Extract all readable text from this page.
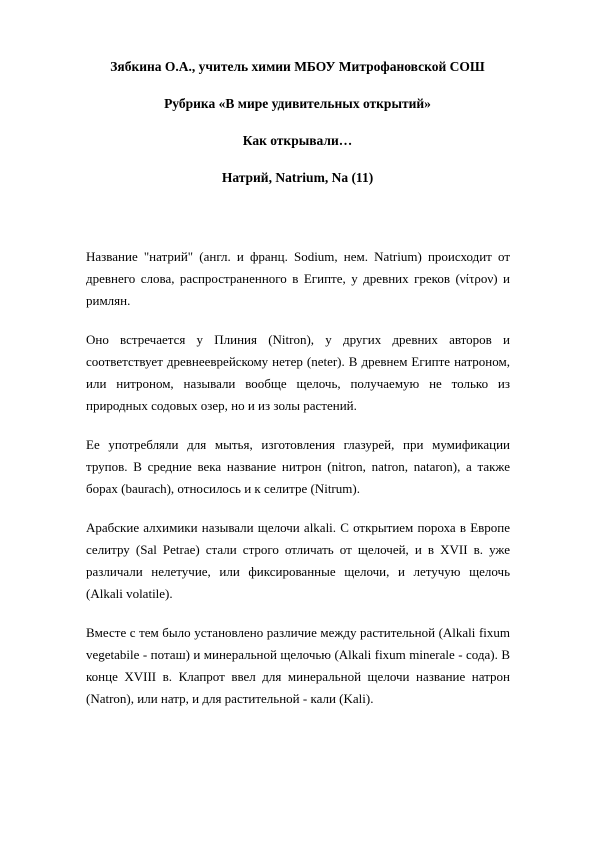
Зябкина О.А., учитель химии МБОУ Митрофановской СОШ
Рубрика «В мире удивительных открытий»
Как открывали…
Натрий, Natrium, Na (11)

Название "натрий" (англ. и франц. Sodium, нем. Natrium) происходит от древнего слова, распространенного в Египте, у древних греков (νίτρον) и римлян.

Оно встречается у Плиния (Nitron), у других древних авторов и соответствует древнееврейскому нетер (neter). В древнем Египте натроном, или нитроном, называли вообще щелочь, получаемую не только из природных содовых озер, но и из золы растений.

Ее употребляли для мытья, изготовления глазурей, при мумификации трупов. В средние века название нитрон (nitron, natron, nataron), а также борах (baurach), относилось и к селитре (Nitrum).

Арабские алхимики называли щелочи alkali. С открытием пороха в Европе селитру (Sal Petrae) стали строго отличать от щелочей, и в XVII в. уже различали нелетучие, или фиксированные щелочи, и летучую щелочь (Alkali volatile).

Вместе с тем было установлено различие между растительной (Alkali fixum vegetabile - поташ) и минеральной щелочью (Alkali fixum minerale - сода). В конце XVIII в. Клапрот ввел для минеральной щелочи название натрон (Natron), или натр, и для растительной - кали (Kali).
